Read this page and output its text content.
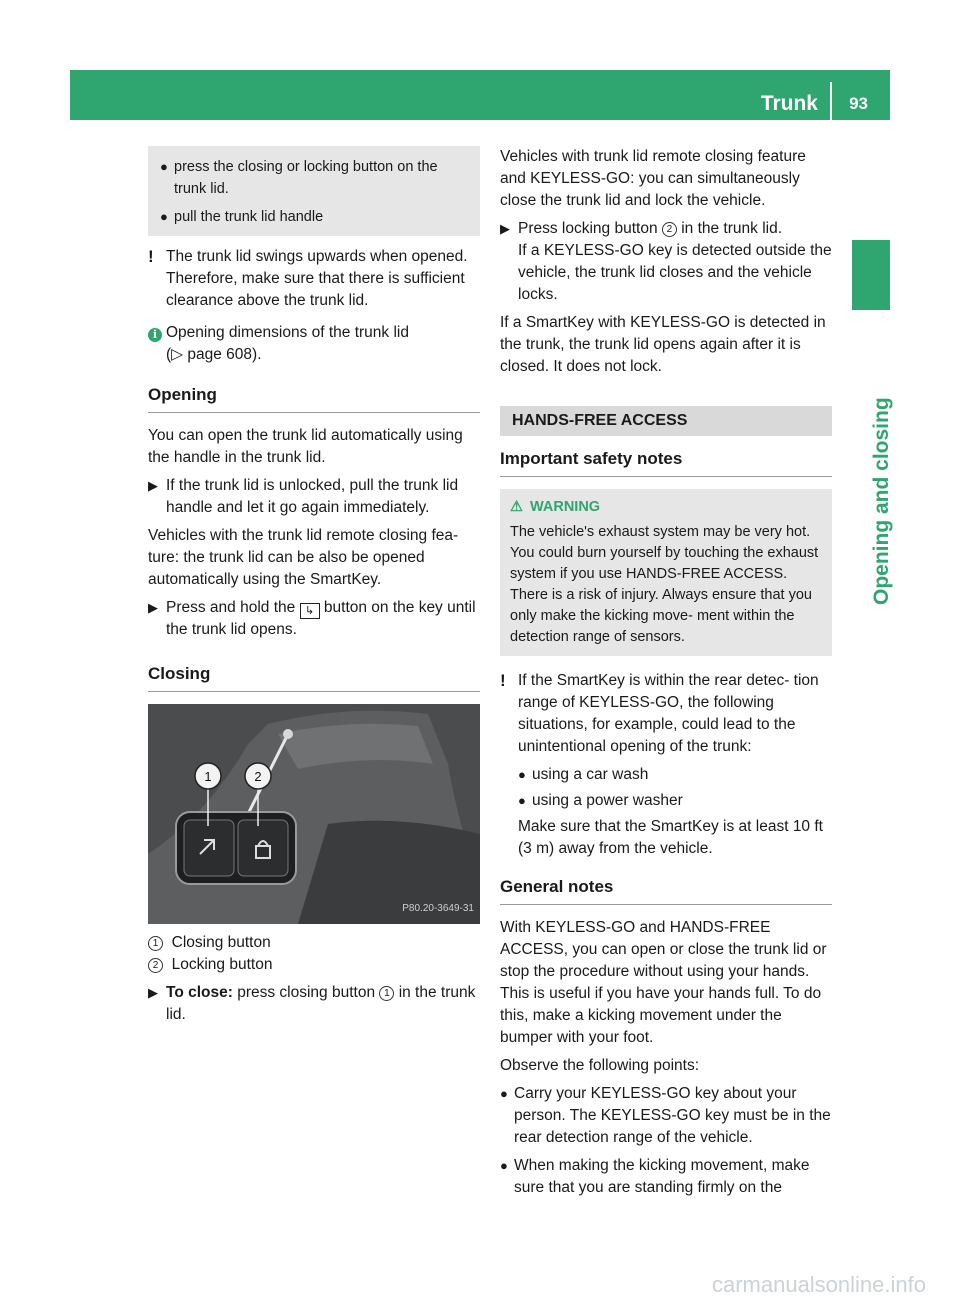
Trunk 93
Opening and closing

● press the closing or locking button on the trunk lid.

● pull the trunk lid handle

! The trunk lid swings upwards when opened. Therefore, make sure that there is sufficient clearance above the trunk lid.
i Opening dimensions of the trunk lid
(▷ page 608).
Opening

You can open the trunk lid automatically using the handle in the trunk lid.

▶ If the trunk lid is unlocked, pull the trunk lid handle and let it go again immediately.

Vehicles with the trunk lid remote closing fea- ture: the trunk lid can be also be opened automatically using the SmartKey.

▶ Press and hold the ↳ button on the key until the trunk lid opens.
Closing
1	2
P80.20-3649-31

1 Closing button

2 Locking button

▶ To close: press closing button 1 in the trunk lid.

Vehicles with trunk lid remote closing feature and KEYLESS-GO: you can simultaneously close the trunk lid and lock the vehicle.

▶ Press locking button 2 in the trunk lid.
If a KEYLESS-GO key is detected outside the vehicle, the trunk lid closes and the vehicle locks.

If a SmartKey with KEYLESS-GO is detected in the trunk, the trunk lid opens again after it is closed. It does not lock.

HANDS-FREE ACCESS
Important safety notes
⚠ WARNING

The vehicle's exhaust system may be very hot. You could burn yourself by touching the exhaust system if you use HANDS-FREE ACCESS. There is a risk of injury. Always ensure that you only make the kicking move- ment within the detection range of sensors.

! If the SmartKey is within the rear detec- tion range of KEYLESS-GO, the following situations, for example, could lead to the unintentional opening of the trunk:

● using a car wash

● using a power washer

Make sure that the SmartKey is at least 10 ft (3 m) away from the vehicle.

General notes

With KEYLESS-GO and HANDS-FREE ACCESS, you can open or close the trunk lid or stop the procedure without using your hands. This is useful if you have your hands full. To do this, make a kicking movement under the bumper with your foot.

Observe the following points:

● Carry your KEYLESS-GO key about your person. The KEYLESS-GO key must be in the rear detection range of the vehicle.

● When making the kicking movement, make sure that you are standing firmly on the

carmanualsonline.info
